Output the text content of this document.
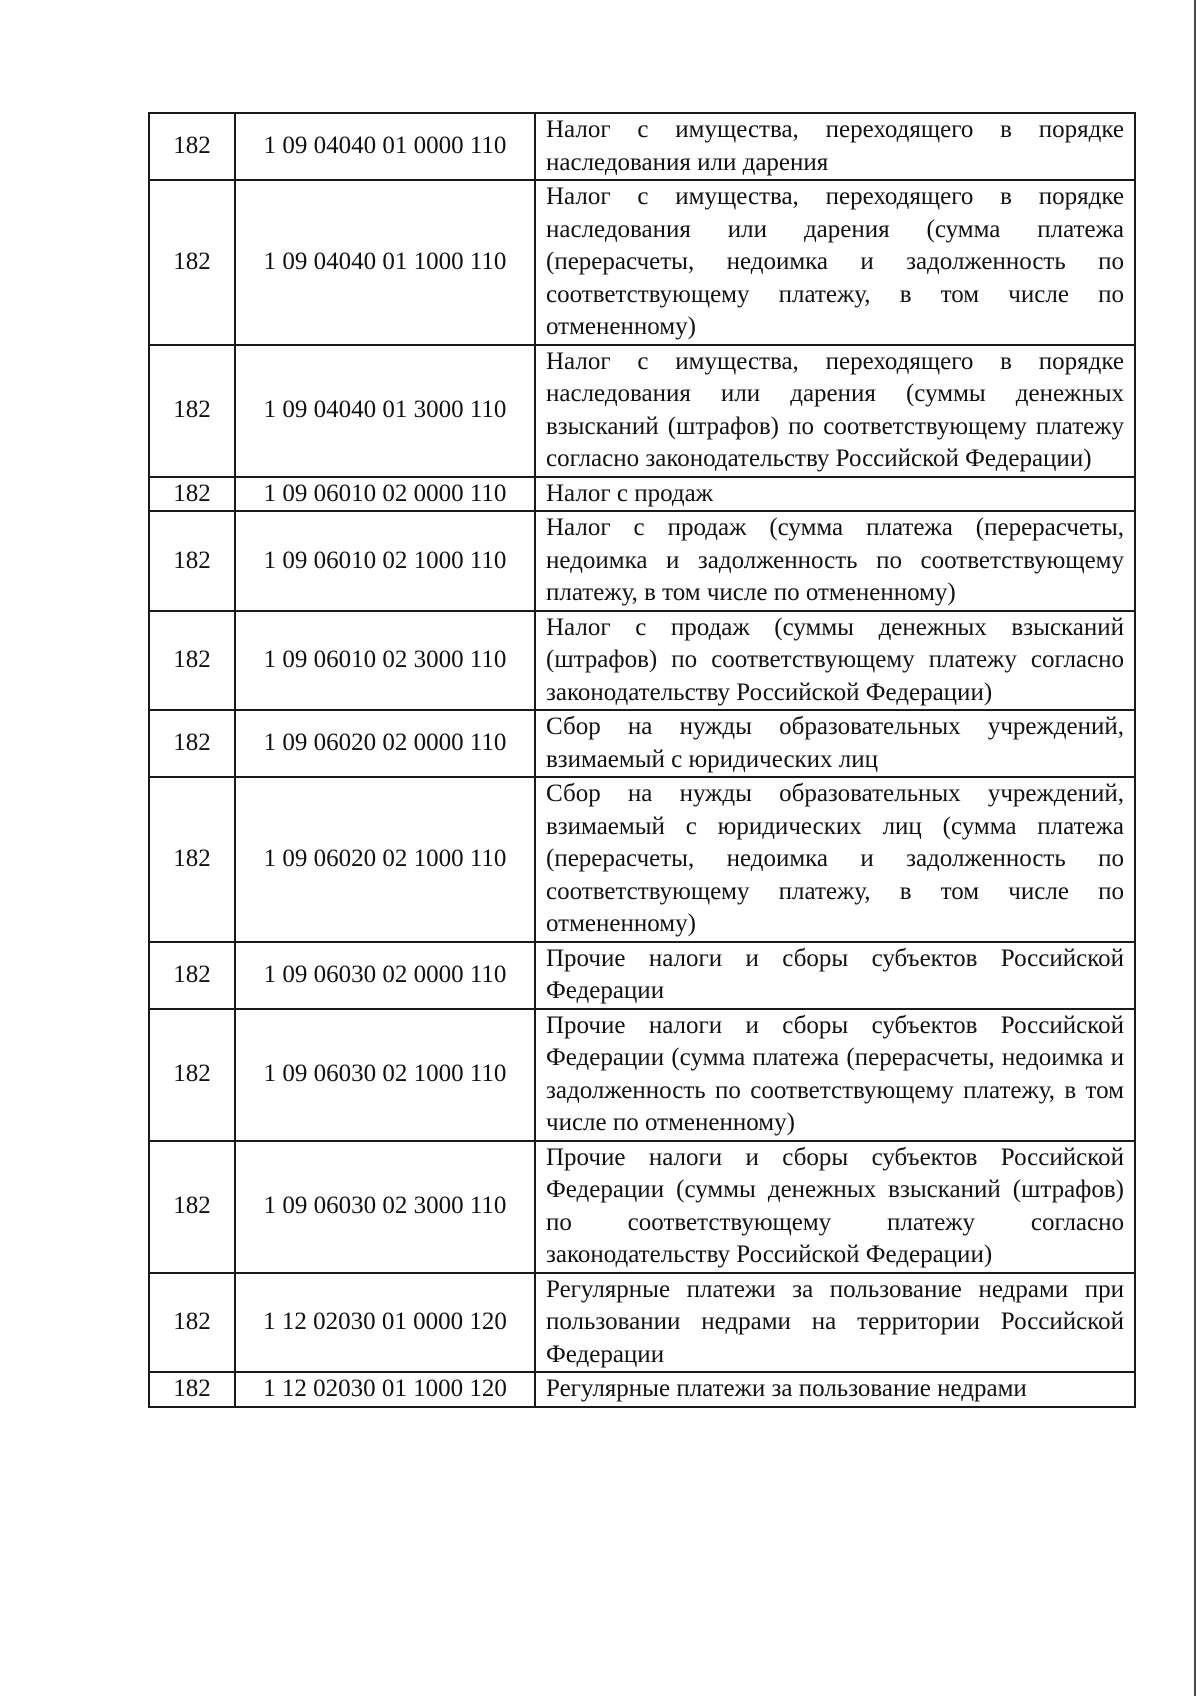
182	1 09 04040 01 0000 110	Налог с имущества, переходящего в порядке наследования или дарения
182	1 09 04040 01 1000 110	Налог с имущества, переходящего в порядке наследования или дарения (сумма платежа (перерасчеты, недоимка и задолженность по соответствующему платежу, в том числе по отмененному)
182	1 09 04040 01 3000 110	Налог с имущества, переходящего в порядке наследования или дарения (суммы денежных взысканий (штрафов) по соответствующему платежу согласно законодательству Российской Федерации)
182	1 09 06010 02 0000 110	Налог с продаж
182	1 09 06010 02 1000 110	Налог с продаж (сумма платежа (перерасчеты, недоимка и задолженность по соответствующему платежу, в том числе по отмененному)
182	1 09 06010 02 3000 110	Налог с продаж (суммы денежных взысканий (штрафов) по соответствующему платежу согласно законодательству Российской Федерации)
182	1 09 06020 02 0000 110	Сбор на нужды образовательных учреждений, взимаемый с юридических лиц
182	1 09 06020 02 1000 110	Сбор на нужды образовательных учреждений, взимаемый с юридических лиц (сумма платежа (перерасчеты, недоимка и задолженность по соответствующему платежу, в том числе по отмененному)
182	1 09 06030 02 0000 110	Прочие налоги и сборы субъектов Российской Федерации
182	1 09 06030 02 1000 110	Прочие налоги и сборы субъектов Российской Федерации (сумма платежа (перерасчеты, недоимка и задолженность по соответствующему платежу, в том числе по отмененному)
182	1 09 06030 02 3000 110	Прочие налоги и сборы субъектов Российской Федерации (суммы денежных взысканий (штрафов) по соответствующему платежу согласно законодательству Российской Федерации)
182	1 12 02030 01 0000 120	Регулярные платежи за пользование недрами при пользовании недрами на территории Российской Федерации
182	1 12 02030 01 1000 120	Регулярные платежи за пользование недрами
